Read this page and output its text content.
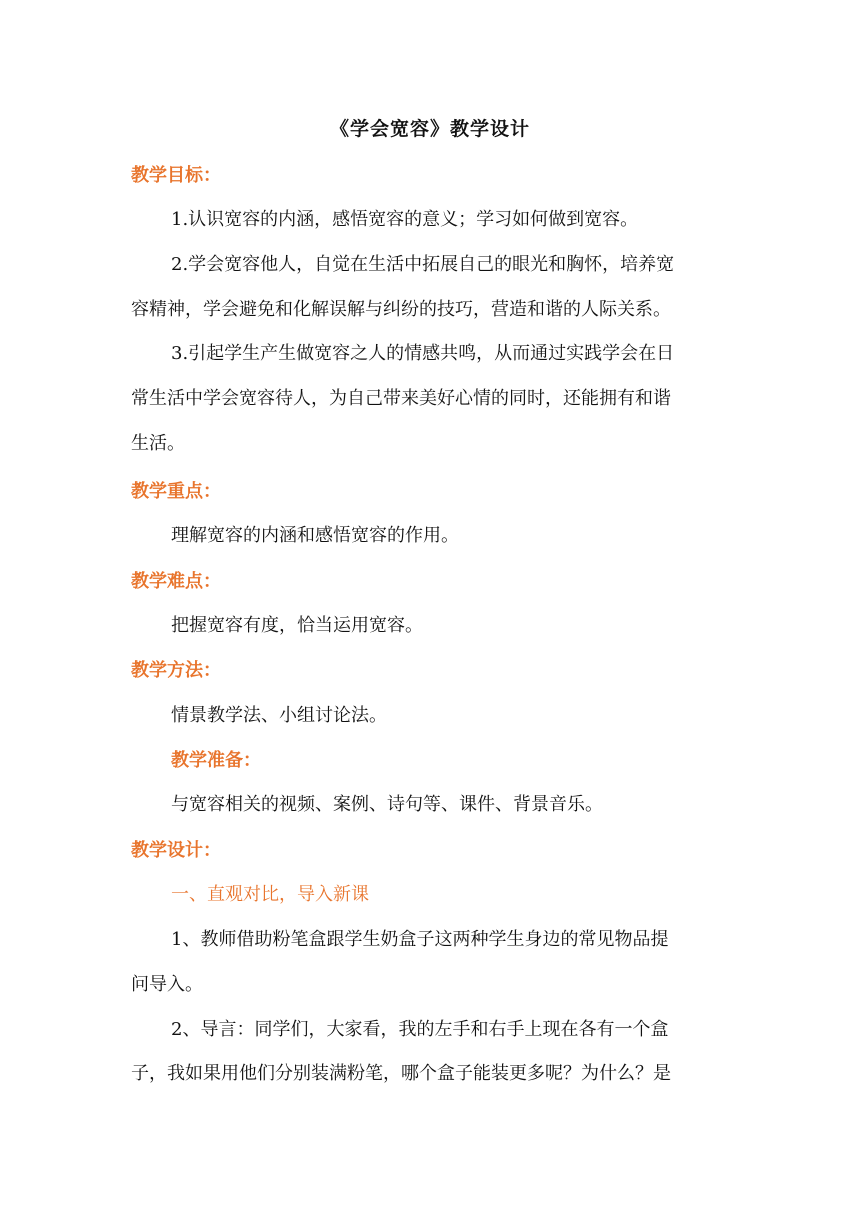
《学会宽容》教学设计
教学目标：
1.认识宽容的内涵，感悟宽容的意义；学习如何做到宽容。
2.学会宽容他人，自觉在生活中拓展自己的眼光和胸怀，培养宽
容精神，学会避免和化解误解与纠纷的技巧，营造和谐的人际关系。
3.引起学生产生做宽容之人的情感共鸣，从而通过实践学会在日
常生活中学会宽容待人，为自己带来美好心情的同时，还能拥有和谐
生活。
教学重点：
理解宽容的内涵和感悟宽容的作用。
教学难点：
把握宽容有度，恰当运用宽容。
教学方法：
情景教学法、小组讨论法。
教学准备：
与宽容相关的视频、案例、诗句等、课件、背景音乐。
教学设计：
一、直观对比，导入新课
1、教师借助粉笔盒跟学生奶盒子这两种学生身边的常见物品提
问导入。
2、导言：同学们，大家看，我的左手和右手上现在各有一个盒
子，我如果用他们分别装满粉笔，哪个盒子能装更多呢？为什么？是
